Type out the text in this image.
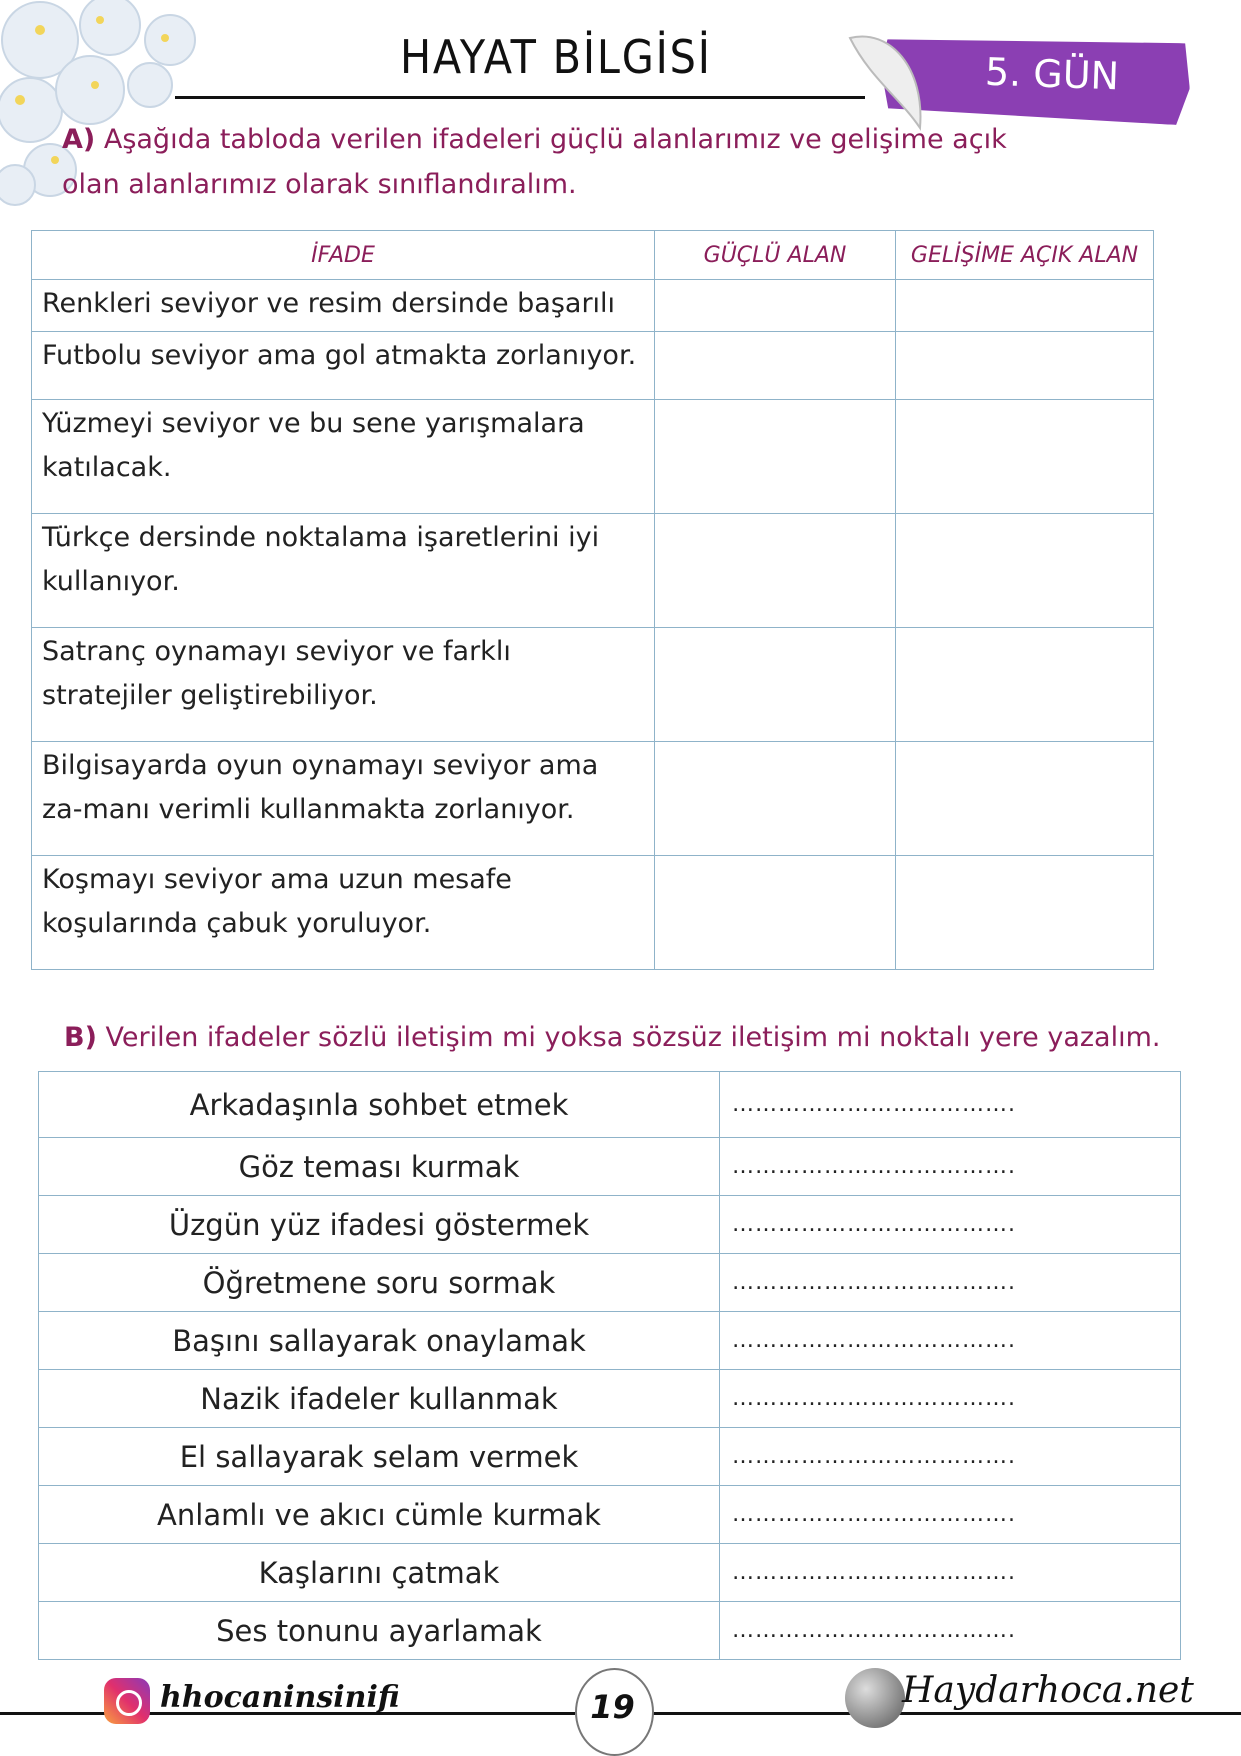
HAYAT BİLGİSİ	5. GÜN
A) Aşağıda tabloda verilen ifadeleri güçlü alanlarımız ve gelişime açık olan alanlarımız olarak sınıflandıralım.
İFADE	GÜÇLÜ ALAN	GELİŞİME AÇIK ALAN
Renkleri seviyor ve resim dersinde başarılı		
Futbolu seviyor ama gol atmakta zorlanıyor.		
Yüzmeyi seviyor ve bu sene yarışmalara katılacak.		
Türkçe dersinde noktalama işaretlerini iyi kullanıyor.		
Satranç oynamayı seviyor ve farklı stratejiler geliştirebiliyor.		
Bilgisayarda oyun oynamayı seviyor ama za-manı verimli kullanmakta zorlanıyor.		
Koşmayı seviyor ama uzun mesafe koşularında çabuk yoruluyor.		
B) Verilen ifadeler sözlü iletişim mi yoksa sözsüz iletişim mi noktalı yere yazalım.
Arkadaşınla sohbet etmek	……………………………….
Göz teması kurmak	……………………………….
Üzgün yüz ifadesi göstermek	……………………………….
Öğretmene soru sormak	……………………………….
Başını sallayarak onaylamak	……………………………….
Nazik ifadeler kullanmak	……………………………….
El sallayarak selam vermek	……………………………….
Anlamlı ve akıcı cümle kurmak	……………………………….
Kaşlarını çatmak	……………………………….
Ses tonunu ayarlamak	……………………………….
hhocaninsinifi	19	Haydarhoca.net
